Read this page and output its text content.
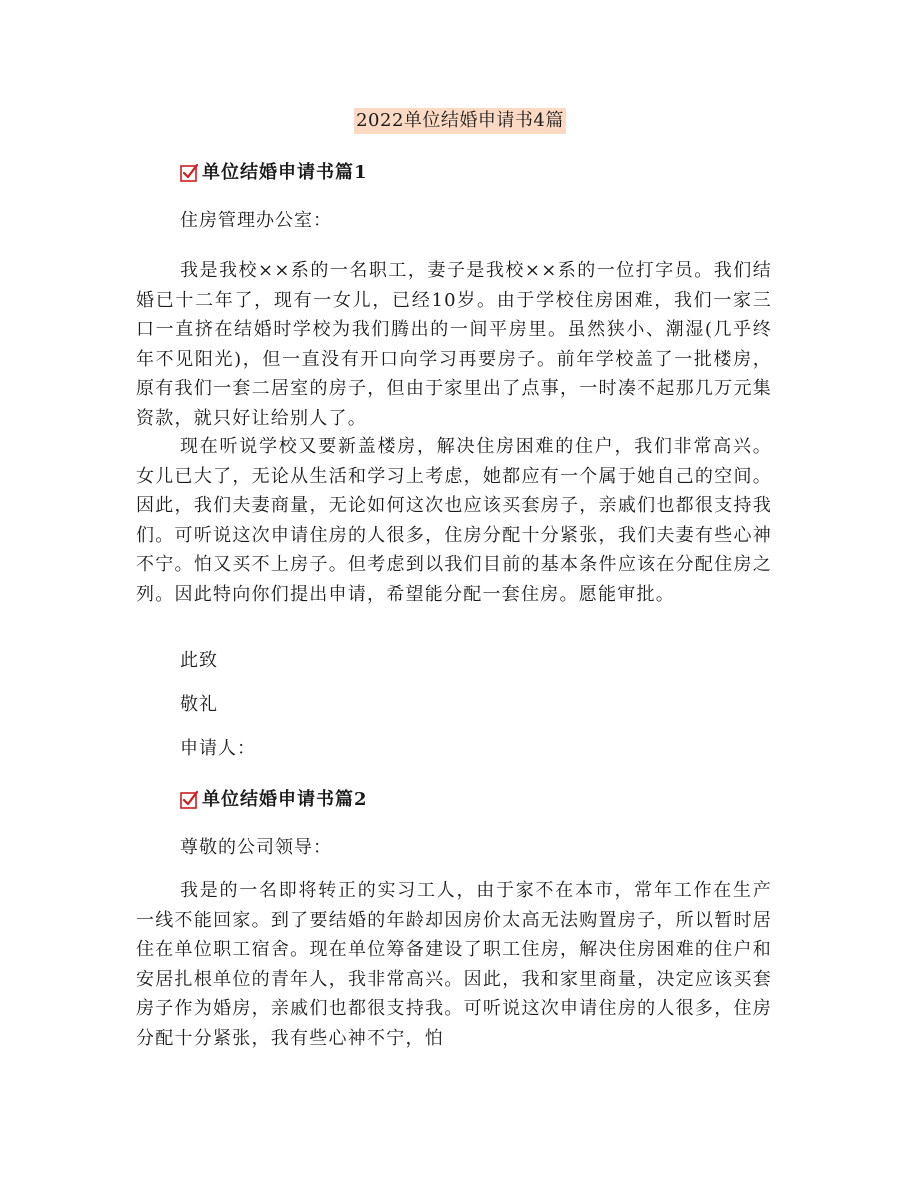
2022单位结婚申请书4篇
单位结婚申请书篇1
住房管理办公室：
我是我校××系的一名职工，妻子是我校××系的一位打字员。我们结婚已十二年了，现有一女儿，已经10岁。由于学校住房困难，我们一家三口一直挤在结婚时学校为我们腾出的一间平房里。虽然狭小、潮湿(几乎终年不见阳光)，但一直没有开口向学习再要房子。前年学校盖了一批楼房，原有我们一套二居室的房子，但由于家里出了点事，一时凑不起那几万元集资款，就只好让给别人了。
现在听说学校又要新盖楼房，解决住房困难的住户，我们非常高兴。女儿已大了，无论从生活和学习上考虑，她都应有一个属于她自己的空间。因此，我们夫妻商量，无论如何这次也应该买套房子，亲戚们也都很支持我们。可听说这次申请住房的人很多，住房分配十分紧张，我们夫妻有些心神不宁。怕又买不上房子。但考虑到以我们目前的基本条件应该在分配住房之列。因此特向你们提出申请，希望能分配一套住房。愿能审批。
此致
敬礼
申请人：
单位结婚申请书篇2
尊敬的公司领导：
我是的一名即将转正的实习工人，由于家不在本市，常年工作在生产一线不能回家。到了要结婚的年龄却因房价太高无法购置房子，所以暂时居住在单位职工宿舍。现在单位筹备建设了职工住房，解决住房困难的住户和安居扎根单位的青年人，我非常高兴。因此，我和家里商量，决定应该买套房子作为婚房，亲戚们也都很支持我。可听说这次申请住房的人很多，住房分配十分紧张，我有些心神不宁，怕
